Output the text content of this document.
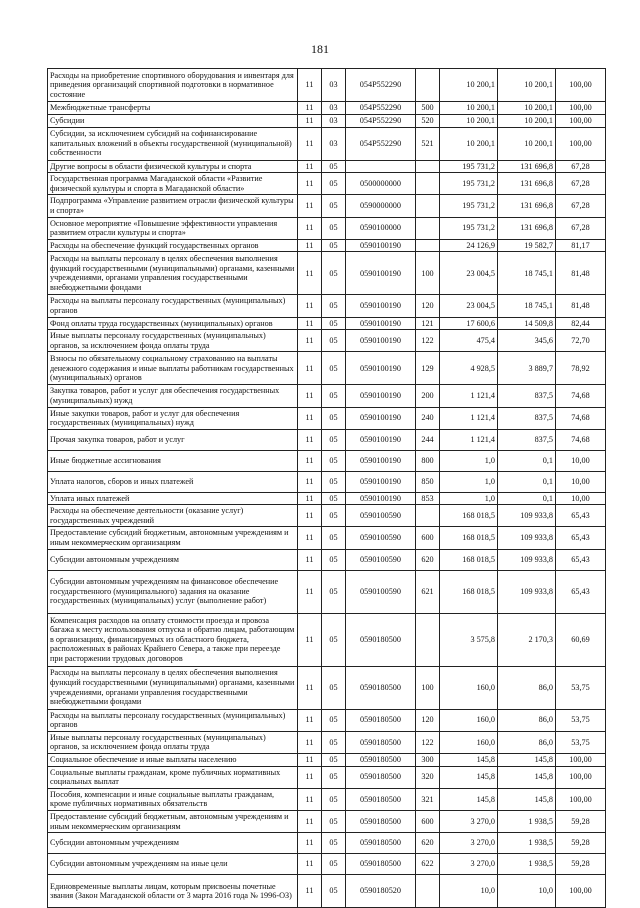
181
Расходы на приобретение спортивного оборудования и инвентаря для приведения организаций спортивной подготовки в нормативное состояние	11	03	054P552290		10 200,1	10 200,1	100,00
Межбюджетные трансферты	11	03	054P552290	500	10 200,1	10 200,1	100,00
Субсидии	11	03	054P552290	520	10 200,1	10 200,1	100,00
Субсидии, за исключением субсидий на софинансирование капитальных вложений в объекты государственной (муниципальной) собственности	11	03	054P552290	521	10 200,1	10 200,1	100,00
Другие вопросы в области физической культуры и спорта	11	05			195 731,2	131 696,8	67,28
Государственная программа Магаданской области «Развитие физической культуры и спорта в Магаданской области»	11	05	0500000000		195 731,2	131 696,8	67,28
Подпрограмма «Управление развитием отрасли физической культуры и спорта»	11	05	0590000000		195 731,2	131 696,8	67,28
Основное мероприятие «Повышение эффективности управления развитием отрасли культуры и спорта»	11	05	0590100000		195 731,2	131 696,8	67,28
Расходы на обеспечение функций государственных органов	11	05	0590100190		24 126,9	19 582,7	81,17
Расходы на выплаты персоналу в целях обеспечения выполнения функций государственными (муниципальными) органами, казенными учреждениями, органами управления государственными внебюджетными фондами	11	05	0590100190	100	23 004,5	18 745,1	81,48
Расходы на выплаты персоналу государственных (муниципальных) органов	11	05	0590100190	120	23 004,5	18 745,1	81,48
Фонд оплаты труда государственных (муниципальных) органов	11	05	0590100190	121	17 600,6	14 509,8	82,44
Иные выплаты персоналу государственных (муниципальных) органов, за исключением фонда оплаты труда	11	05	0590100190	122	475,4	345,6	72,70
Взносы по обязательному социальному страхованию на выплаты денежного содержания и иные выплаты работникам государственных (муниципальных) органов	11	05	0590100190	129	4 928,5	3 889,7	78,92
Закупка товаров, работ и услуг для обеспечения государственных (муниципальных) нужд	11	05	0590100190	200	1 121,4	837,5	74,68
Иные закупки товаров, работ и услуг для обеспечения государственных (муниципальных) нужд	11	05	0590100190	240	1 121,4	837,5	74,68
Прочая закупка товаров, работ и услуг	11	05	0590100190	244	1 121,4	837,5	74,68
Иные бюджетные ассигнования	11	05	0590100190	800	1,0	0,1	10,00
Уплата налогов, сборов и иных платежей	11	05	0590100190	850	1,0	0,1	10,00
Уплата иных платежей	11	05	0590100190	853	1,0	0,1	10,00
Расходы на обеспечение деятельности (оказание услуг) государственных учреждений	11	05	0590100590		168 018,5	109 933,8	65,43
Предоставление субсидий бюджетным, автономным учреждениям и иным некоммерческим организациям	11	05	0590100590	600	168 018,5	109 933,8	65,43
Субсидии автономным учреждениям	11	05	0590100590	620	168 018,5	109 933,8	65,43
Субсидии автономным учреждениям на финансовое обеспечение государственного (муниципального) задания на оказание государственных (муниципальных) услуг (выполнение работ)	11	05	0590100590	621	168 018,5	109 933,8	65,43
Компенсация расходов на оплату стоимости проезда и провоза багажа к месту использования отпуска и обратно лицам, работающим в организациях, финансируемых из областного бюджета, расположенных в районах Крайнего Севера, а также при переезде при расторжении трудовых договоров	11	05	0590180500		3 575,8	2 170,3	60,69
Расходы на выплаты персоналу в целях обеспечения выполнения функций государственными (муниципальными) органами, казенными учреждениями, органами управления государственными внебюджетными фондами	11	05	0590180500	100	160,0	86,0	53,75
Расходы на выплаты персоналу государственных (муниципальных) органов	11	05	0590180500	120	160,0	86,0	53,75
Иные выплаты персоналу государственных (муниципальных) органов, за исключением фонда оплаты труда	11	05	0590180500	122	160,0	86,0	53,75
Социальное обеспечение и иные выплаты населению	11	05	0590180500	300	145,8	145,8	100,00
Социальные выплаты гражданам, кроме публичных нормативных социальных выплат	11	05	0590180500	320	145,8	145,8	100,00
Пособия, компенсации и иные социальные выплаты гражданам, кроме публичных нормативных обязательств	11	05	0590180500	321	145,8	145,8	100,00
Предоставление субсидий бюджетным, автономным учреждениям и иным некоммерческим организациям	11	05	0590180500	600	3 270,0	1 938,5	59,28
Субсидии автономным учреждениям	11	05	0590180500	620	3 270,0	1 938,5	59,28
Субсидии автономным учреждениям на иные цели	11	05	0590180500	622	3 270,0	1 938,5	59,28
Единовременные выплаты лицам, которым присвоены почетные звания (Закон Магаданской области от 3 марта 2016 года № 1996-ОЗ)	11	05	0590180520		10,0	10,0	100,00
